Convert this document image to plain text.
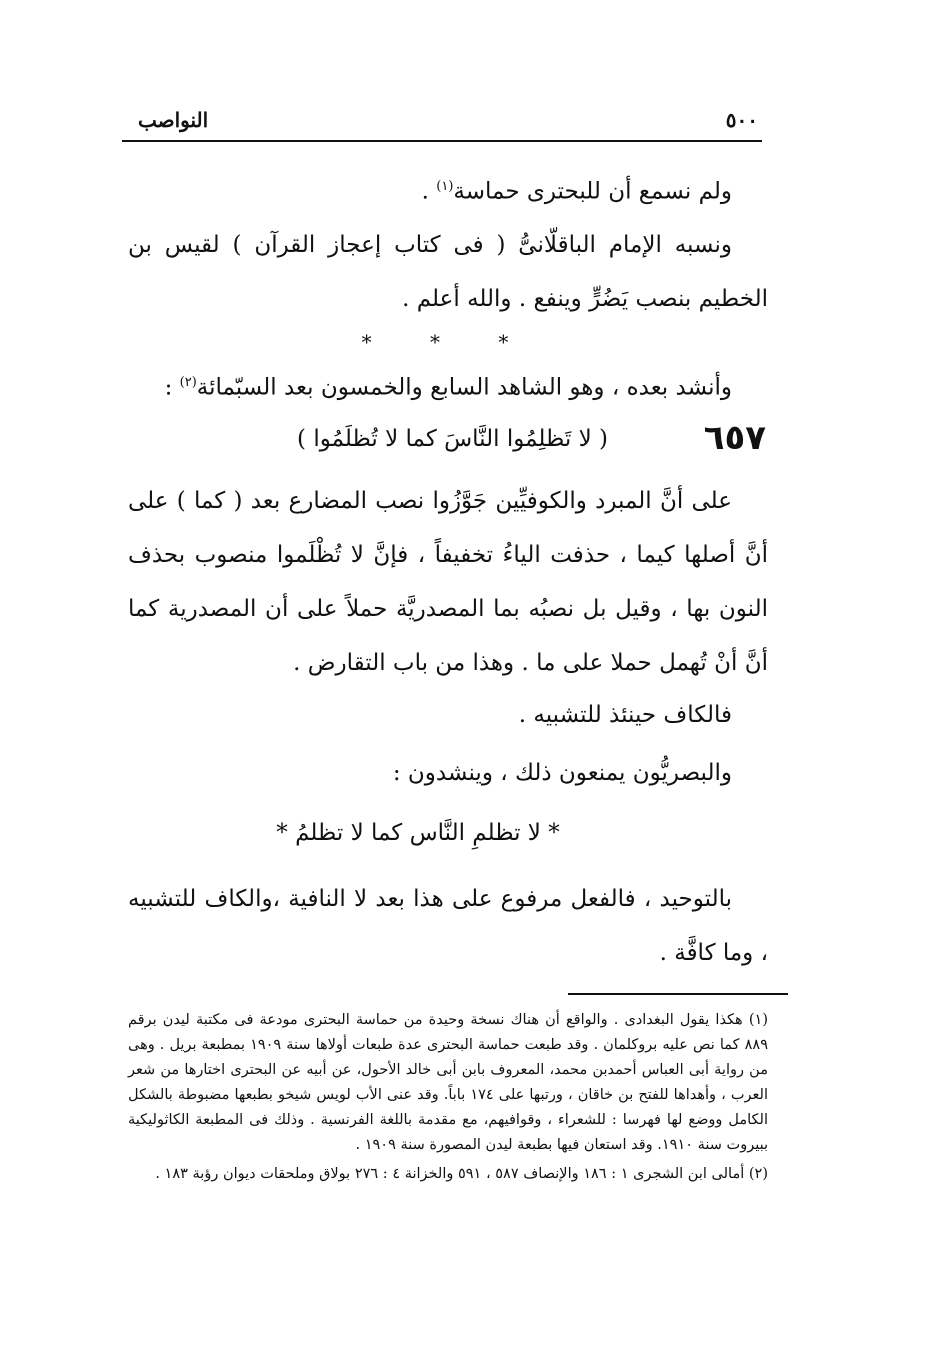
النواصب	٥٠٠

ولم نسمع أن للبحترى حماسة$^{(١)}$ .

ونسبه الإمام الباقلّانىُّ ( فى كتاب إعجاز القرآن ) لقيس بن الخطيم بنصب يَضُرٍّ وينفع . والله أعلم .

* * *

وأنشد بعده ، وهو الشاهد السابع والخمسون بعد السبّمائة$^{(٢)}$ :

٦٥٧
( لا تَظلِمُوا النَّاسَ كما لا تُظلَمُوا )

على أنَّ المبرد والكوفيِّين جَوَّزُوا نصب المضارع بعد ( كما ) على أنَّ أصلها كيما ، حذفت الياءُ تخفيفاً ، فإنَّ لا تُظْلَموا منصوب بحذف النون بها ، وقيل بل نصبُه بما المصدريَّة حملاً على أن المصدرية كما أنَّ أنْ تُهمل حملا على ما . وهذا من باب التقارض .

فالكاف حينئذ للتشبيه .

والبصريُّون يمنعون ذلك ، وينشدون :

* لا تظلمِ النَّاس كما لا تظلمُ *

بالتوحيد ، فالفعل مرفوع على هذا بعد لا النافية ،والكاف للتشبيه ، وما كافَّة .

(١) هكذا يقول البغدادى . والواقع أن هناك نسخة وحيدة من حماسة البحترى مودعة فى مكتبة ليدن برقم ٨٨٩ كما نص عليه بروكلمان . وقد طبعت حماسة البحترى عدة طبعات أولاها سنة ١٩٠٩ بمطبعة بريل . وهى من رواية أبى العباس أحمدبن محمد، المعروف بابن أبى خالد الأحول، عن أبيه عن البحترى اختارها من شعر العرب ، وأهداها للفتح بن خاقان ، ورتبها على ١٧٤ باباً. وقد عنى الأب لويس شيخو بطبعها مضبوطة بالشكل الكامل ووضع لها فهرسا : للشعراء ، وقوافيهم، مع مقدمة باللغة الفرنسية . وذلك فى المطبعة الكاثوليكية ببيروت سنة ١٩١٠. وقد استعان فيها بطبعة ليدن المصورة سنة ١٩٠٩ .

(٢) أمالى ابن الشجرى ١ : ١٨٦ والإنصاف ٥٨٧ ، ٥٩١ والخزانة ٤ : ٢٧٦ بولاق وملحقات ديوان رؤبة ١٨٣ .
